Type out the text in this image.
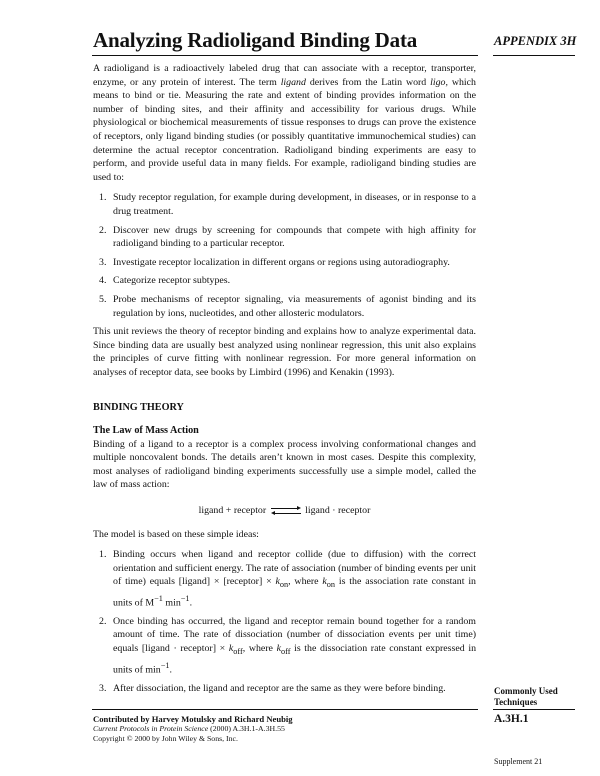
Analyzing Radioligand Binding Data	APPENDIX 3H

A radioligand is a radioactively labeled drug that can associate with a receptor, transporter, enzyme, or any protein of interest. The term ligand derives from the Latin word ligo, which means to bind or tie. Measuring the rate and extent of binding provides information on the number of binding sites, and their affinity and accessibility for various drugs. While physiological or biochemical measurements of tissue responses to drugs can prove the existence of receptors, only ligand binding studies (or possibly quantitative immunochemical studies) can determine the actual receptor concentration. Radioligand binding experiments are easy to perform, and provide useful data in many fields. For example, radioligand binding studies are used to:

1. Study receptor regulation, for example during development, in diseases, or in response to a drug treatment.
2. Discover new drugs by screening for compounds that compete with high affinity for radioligand binding to a particular receptor.
3. Investigate receptor localization in different organs or regions using autoradiography.
4. Categorize receptor subtypes.
5. Probe mechanisms of receptor signaling, via measurements of agonist binding and its regulation by ions, nucleotides, and other allosteric modulators.

This unit reviews the theory of receptor binding and explains how to analyze experimental data. Since binding data are usually best analyzed using nonlinear regression, this unit also explains the principles of curve fitting with nonlinear regression. For more general information on analyses of receptor data, see books by Limbird (1996) and Kenakin (1993).

BINDING THEORY
The Law of Mass Action

Binding of a ligand to a receptor is a complex process involving conformational changes and multiple noncovalent bonds. The details aren’t known in most cases. Despite this complexity, most analyses of radioligand binding experiments successfully use a simple model, called the law of mass action:

ligand + receptor ⇌ ligand · receptor

The model is based on these simple ideas:

1. Binding occurs when ligand and receptor collide (due to diffusion) with the correct orientation and sufficient energy. The rate of association (number of binding events per unit of time) equals [ligand] × [receptor] × $k_{on}$, where $k_{on}$ is the association rate constant in units of $M^{-1}$ $\min^{-1}$.
2. Once binding has occurred, the ligand and receptor remain bound together for a random amount of time. The rate of dissociation (number of dissociation events per unit time) equals [ligand · receptor] × $k_{off}$, where $k_{off}$ is the dissociation rate constant expressed in units of $\min^{-1}$.
3. After dissociation, the ligand and receptor are the same as they were before binding.	Commonly Used Techniques
A.3H.1
Supplement 21
Contributed by Harvey Motulsky and Richard Neubig
Current Protocols in Protein Science (2000) A.3H.1-A.3H.55
Copyright © 2000 by John Wiley & Sons, Inc.
